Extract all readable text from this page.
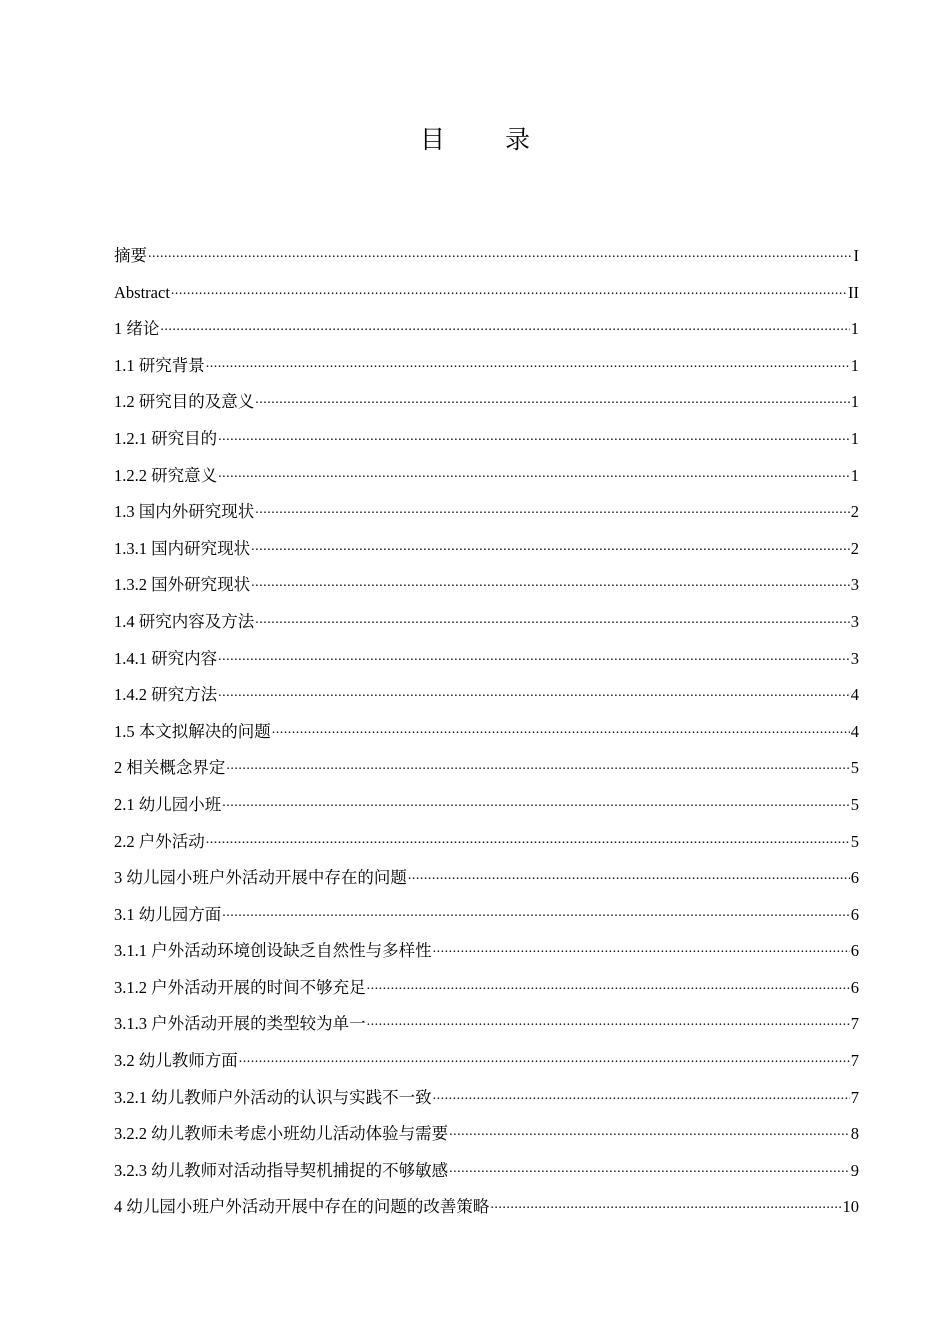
目 录
摘要 .....	I
Abstract .....	II
1 绪论 .....	1
1.1 研究背景 .....	1
1.2 研究目的及意义 .....	1
1.2.1 研究目的 .....	1
1.2.2 研究意义 .....	1
1.3 国内外研究现状 .....	2
1.3.1 国内研究现状 .....	2
1.3.2 国外研究现状 .....	3
1.4 研究内容及方法 .....	3
1.4.1 研究内容 .....	3
1.4.2 研究方法 .....	4
1.5 本文拟解决的问题 .....	4
2 相关概念界定 .....	5
2.1 幼儿园小班 .....	5
2.2 户外活动 .....	5
3 幼儿园小班户外活动开展中存在的问题 .....	6
3.1 幼儿园方面 .....	6
3.1.1 户外活动环境创设缺乏自然性与多样性 .....	6
3.1.2 户外活动开展的时间不够充足 .....	6
3.1.3 户外活动开展的类型较为单一 .....	7
3.2 幼儿教师方面 .....	7
3.2.1 幼儿教师户外活动的认识与实践不一致 .....	7
3.2.2 幼儿教师未考虑小班幼儿活动体验与需要 .....	8
3.2.3 幼儿教师对活动指导契机捕捉的不够敏感 .....	9
4 幼儿园小班户外活动开展中存在的问题的改善策略 .....	10
